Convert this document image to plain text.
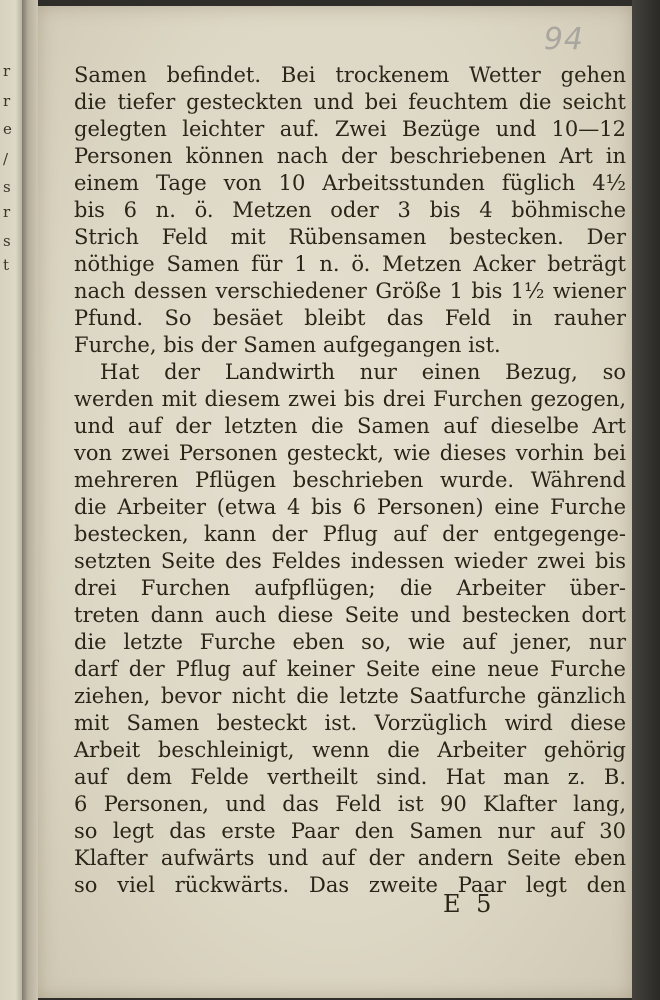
r
r
e
/
s
r
s
t
94
Samen befindet. Bei trockenem Wetter gehen
die tiefer gesteckten und bei feuchtem die seicht
gelegten leichter auf. Zwei Bezüge und 10—12
Personen können nach der beschriebenen Art in
einem Tage von 10 Arbeitsstunden füglich 4½
bis 6 n. ö. Metzen oder 3 bis 4 böhmische
Strich Feld mit Rübensamen bestecken. Der
nöthige Samen für 1 n. ö. Metzen Acker beträgt
nach dessen verschiedener Größe 1 bis 1½ wiener
Pfund. So besäet bleibt das Feld in rauher
Furche, bis der Samen aufgegangen ist.
Hat der Landwirth nur einen Bezug, so
werden mit diesem zwei bis drei Furchen gezogen,
und auf der letzten die Samen auf dieselbe Art
von zwei Personen gesteckt, wie dieses vorhin bei
mehreren Pflügen beschrieben wurde. Während
die Arbeiter (etwa 4 bis 6 Personen) eine Furche
bestecken, kann der Pflug auf der entgegenge-
setzten Seite des Feldes indessen wieder zwei bis
drei Furchen aufpflügen; die Arbeiter über-
treten dann auch diese Seite und bestecken dort
die letzte Furche eben so, wie auf jener, nur
darf der Pflug auf keiner Seite eine neue Furche
ziehen, bevor nicht die letzte Saatfurche gänzlich
mit Samen besteckt ist. Vorzüglich wird diese
Arbeit beschleinigt, wenn die Arbeiter gehörig
auf dem Felde vertheilt sind. Hat man z. B.
6 Personen, und das Feld ist 90 Klafter lang,
so legt das erste Paar den Samen nur auf 30
Klafter aufwärts und auf der andern Seite eben
so viel rückwärts. Das zweite Paar legt den
E 5
